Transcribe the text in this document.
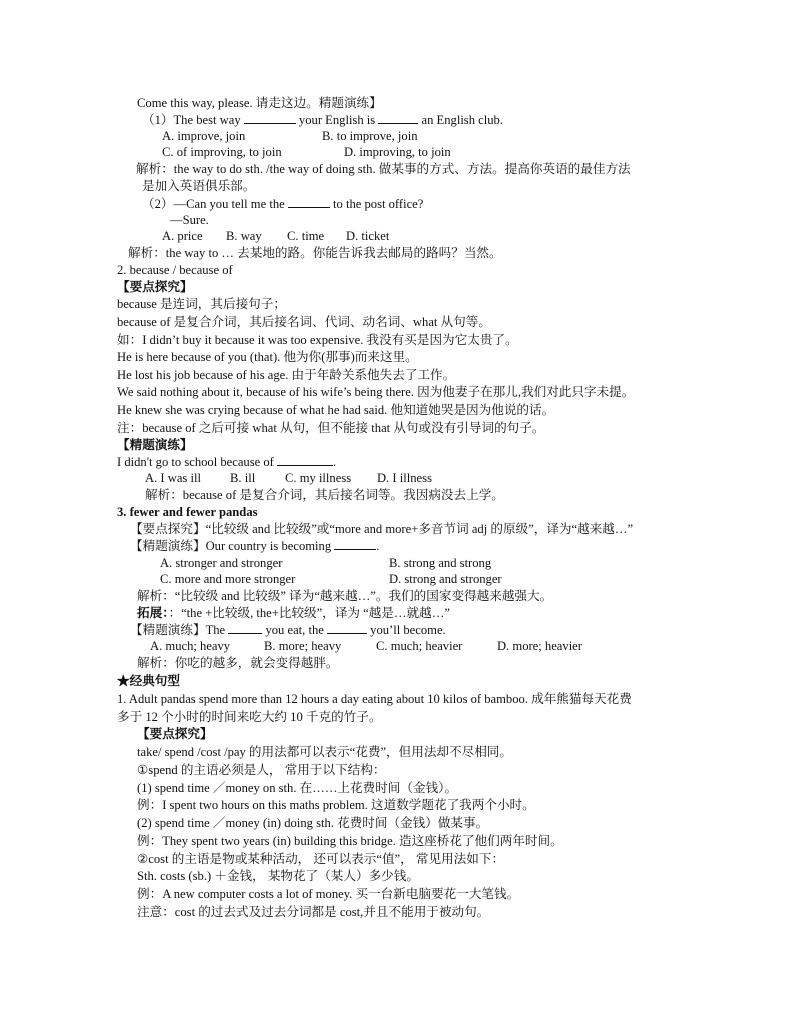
Come this way, please. 请走这边。精题演练】
（1）The best way	your English is	an English club.
A. improve, join	B. to improve, join
C. of improving, to join	D. improving, to join
解析：the way to do sth. /the way of doing sth. 做某事的方式、方法。提高你英语的最佳方法
是加入英语俱乐部。
（2）—Can you tell me the	to the post office?
—Sure.
A. price B. way C. time D. ticket
解析：the way to … 去某地的路。你能告诉我去邮局的路吗？当然。
2. because / because of
【要点探究】
because 是连词，其后接句子；
because of 是复合介词，其后接名词、代词、动名词、what 从句等。
如：I didn’t buy it because it was too expensive. 我没有买是因为它太贵了。
He is here because of you (that). 他为你(那事)而来这里。
He lost his job because of his age. 由于年龄关系他失去了工作。
We said nothing about it, because of his wife’s being there. 因为他妻子在那儿,我们对此只字未提。
He knew she was crying because of what he had said. 他知道她哭是因为他说的话。
注：because of 之后可接 what 从句，但不能接 that 从句或没有引导词的句子。
【精题演练】
I didn't go to school because of	.
A. I was ill B. ill C. my illness D. I illness
解析：because of 是复合介词，其后接名词等。我因病没去上学。
3. fewer and fewer pandas
【要点探究】“比较级 and 比较级”或“more and more+多音节词 adj 的原级”，译为“越来越…”
【精题演练】Our country is becoming	.
A. stronger and stronger	B. strong and strong
C. more and more stronger	D. strong and stronger
解析：“比较级 and 比较级” 译为“越来越…”。我们的国家变得越来越强大。
拓展：：“the +比较级, the+比较级”，译为 “越是…就越…”
【精题演练】The	you eat, the	you’ll become.
A. much; heavy	B. more; heavy	C. much; heavier	D. more; heavier
解析：你吃的越多，就会变得越胖。
★经典句型
1. Adult pandas spend more than 12 hours a day eating about 10 kilos of bamboo. 成年熊猫每天花费
多于 12 个小时的时间来吃大约 10 千克的竹子。
【要点探究】
take/ spend /cost /pay 的用法都可以表示“花费”，但用法却不尽相同。
①spend 的主语必须是人， 常用于以下结构：
(1) spend time ／money on sth. 在……上花费时间（金钱）。
例：I spent two hours on this maths problem. 这道数学题花了我两个小时。
(2) spend time ／money (in) doing sth. 花费时间（金钱）做某事。
例：They spent two years (in) building this bridge. 造这座桥花了他们两年时间。
②cost 的主语是物或某种活动， 还可以表示“值”， 常见用法如下：
Sth. costs (sb.) ＋金钱， 某物花了（某人）多少钱。
例：A new computer costs a lot of money. 买一台新电脑要花一大笔钱。
注意：cost 的过去式及过去分词都是 cost,并且不能用于被动句。
